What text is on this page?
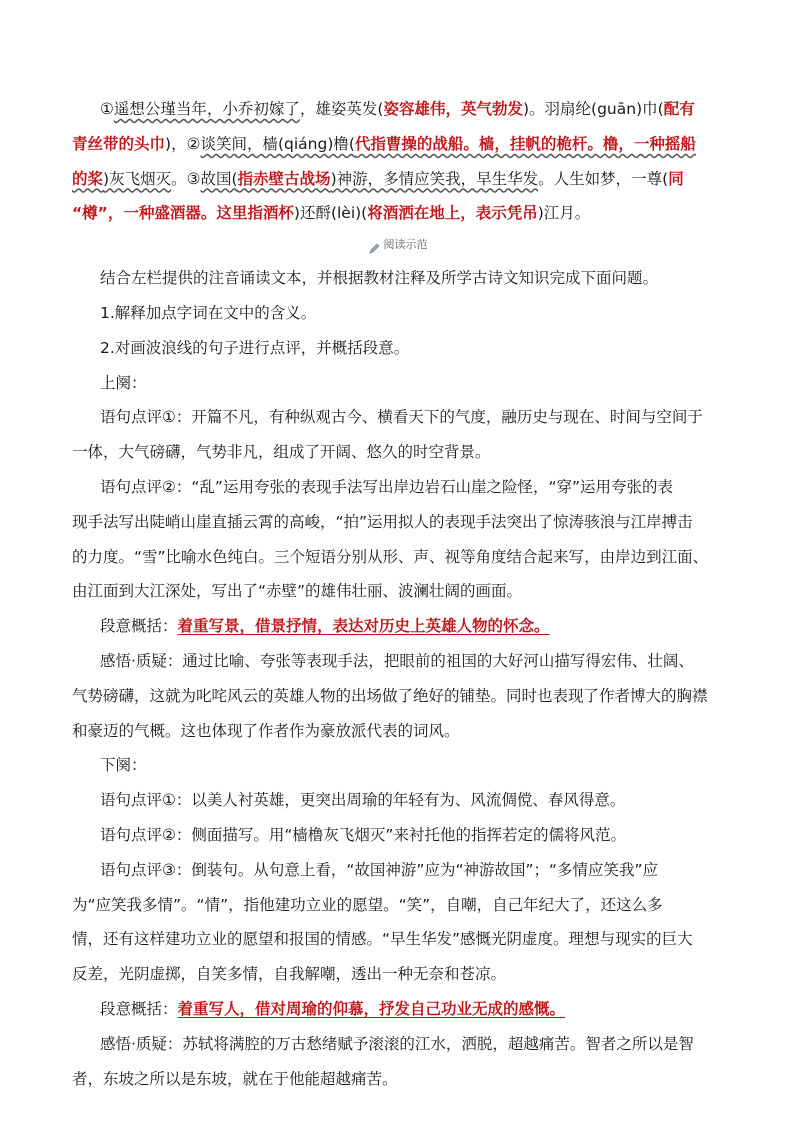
①遥想公瑾当年，小乔初嫁了，雄姿英发(姿容雄伟，英气勃发)。羽扇纶(guān)巾(配有
青丝带的头巾)，②谈笑间，樯(qiáng)橹(代指曹操的战船。樯，挂帆的桅杆。橹，一种摇船
的桨)灰飞烟灭。③故国(指赤壁古战场)神游，多情应笑我，早生华发。人生如梦，一尊(同
“樽”，一种盛酒器。这里指酒杯)还酹(lèi)(将酒洒在地上，表示凭吊)江月。
阅读示范
结合左栏提供的注音诵读文本，并根据教材注释及所学古诗文知识完成下面问题。
1.解释加点字词在文中的含义。
2.对画波浪线的句子进行点评，并概括段意。
上阕：
语句点评①：开篇不凡，有种纵观古今、横看天下的气度，融历史与现在、时间与空间于
一体，大气磅礴，气势非凡，组成了开阔、悠久的时空背景。
语句点评②：“乱”运用夸张的表现手法写出岸边岩石山崖之险怪，“穿”运用夸张的表
现手法写出陡峭山崖直插云霄的高峻，“拍”运用拟人的表现手法突出了惊涛骇浪与江岸搏击
的力度。“雪”比喻水色纯白。三个短语分别从形、声、视等角度结合起来写，由岸边到江面、
由江面到大江深处，写出了“赤壁”的雄伟壮丽、波澜壮阔的画面。
段意概括：着重写景，借景抒情，表达对历史上英雄人物的怀念。
感悟·质疑：通过比喻、夸张等表现手法，把眼前的祖国的大好河山描写得宏伟、壮阔、
气势磅礴，这就为叱咤风云的英雄人物的出场做了绝好的铺垫。同时也表现了作者博大的胸襟
和豪迈的气概。这也体现了作者作为豪放派代表的词风。
下阕：
语句点评①：以美人衬英雄，更突出周瑜的年轻有为、风流倜傥、春风得意。
语句点评②：侧面描写。用“樯橹灰飞烟灭”来衬托他的指挥若定的儒将风范。
语句点评③：倒装句。从句意上看，“故国神游”应为“神游故国”；“多情应笑我”应
为“应笑我多情”。“情”，指他建功立业的愿望。“笑”，自嘲，自己年纪大了，还这么多
情，还有这样建功立业的愿望和报国的情感。“早生华发”感慨光阴虚度。理想与现实的巨大
反差，光阴虚掷，自笑多情，自我解嘲，透出一种无奈和苍凉。
段意概括：着重写人，借对周瑜的仰慕，抒发自己功业无成的感慨。
感悟·质疑：苏轼将满腔的万古愁绪赋予滚滚的江水，洒脱，超越痛苦。智者之所以是智
者，东坡之所以是东坡，就在于他能超越痛苦。
